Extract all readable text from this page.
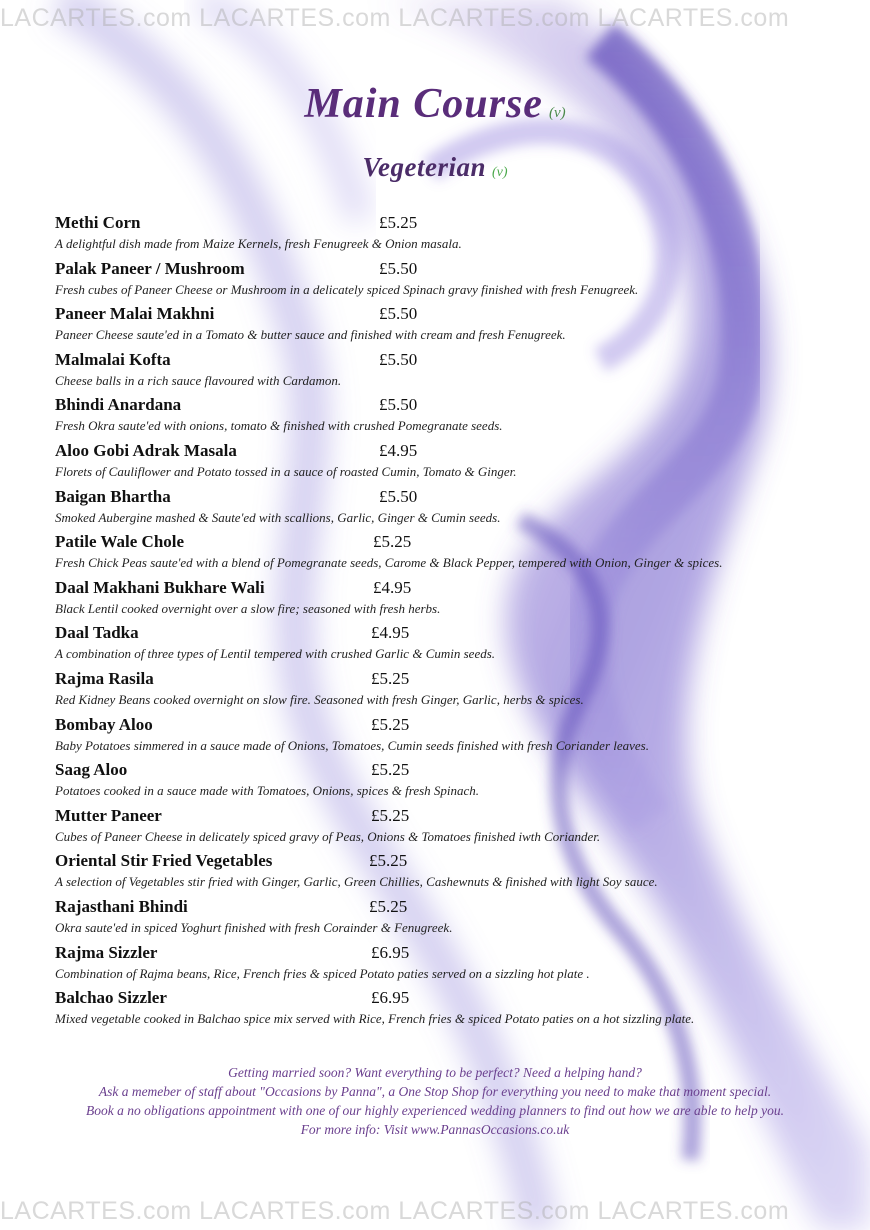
LACARTES.com LACARTES.com LACARTES.com LACARTES.com
Main Course (v)
Vegeterian (v)
Methi Corn	£5.25
A delightful dish made from Maize Kernels, fresh Fenugreek & Onion masala.
Palak Paneer / Mushroom	£5.50
Fresh cubes of Paneer Cheese or Mushroom in a delicately spiced Spinach gravy finished with fresh Fenugreek.
Paneer Malai Makhni	£5.50
Paneer Cheese saute'ed in a Tomato & butter sauce and finished with cream and fresh Fenugreek.
Malmalai Kofta	£5.50
Cheese balls in a rich sauce flavoured with Cardamon.
Bhindi Anardana	£5.50
Fresh Okra saute'ed with onions, tomato & finished with crushed Pomegranate seeds.
Aloo Gobi Adrak Masala	£4.95
Florets of Cauliflower and Potato tossed in a sauce of roasted Cumin, Tomato & Ginger.
Baigan Bhartha	£5.50
Smoked Aubergine mashed & Saute'ed with scallions, Garlic, Ginger & Cumin seeds.
Patile Wale Chole	£5.25
Fresh Chick Peas saute'ed with a blend of Pomegranate seeds, Carome & Black Pepper, tempered with Onion, Ginger & spices.
Daal Makhani Bukhare Wali	£4.95
Black Lentil cooked overnight over a slow fire; seasoned with fresh herbs.
Daal Tadka	£4.95
A combination of three types of Lentil tempered with crushed Garlic & Cumin seeds.
Rajma Rasila	£5.25
Red Kidney Beans cooked overnight on slow fire. Seasoned with fresh Ginger, Garlic, herbs & spices.
Bombay Aloo	£5.25
Baby Potatoes simmered in a sauce made of Onions, Tomatoes, Cumin seeds finished with fresh Coriander leaves.
Saag Aloo	£5.25
Potatoes cooked in a sauce made with Tomatoes, Onions, spices & fresh Spinach.
Mutter Paneer	£5.25
Cubes of Paneer Cheese in delicately spiced gravy of Peas, Onions & Tomatoes finished iwth Coriander.
Oriental Stir Fried Vegetables	£5.25
A selection of Vegetables stir fried with Ginger, Garlic, Green Chillies, Cashewnuts & finished with light Soy sauce.
Rajasthani Bhindi	£5.25
Okra saute'ed in spiced Yoghurt finished with fresh Corainder & Fenugreek.
Rajma Sizzler	£6.95
Combination of Rajma beans, Rice, French fries & spiced Potato paties served on a sizzling hot plate .
Balchao Sizzler	£6.95
Mixed vegetable cooked in Balchao spice mix served with Rice, French fries & spiced Potato paties on a hot sizzling plate.
Getting married soon? Want everything to be perfect? Need a helping hand?
Ask a memeber of staff about "Occasions by Panna", a One Stop Shop for everything you need to make that moment special.
Book a no obligations appointment with one of our highly experienced wedding planners to find out how we are able to help you.
For more info: Visit www.PannasOccasions.co.uk
LACARTES.com LACARTES.com LACARTES.com LACARTES.com
